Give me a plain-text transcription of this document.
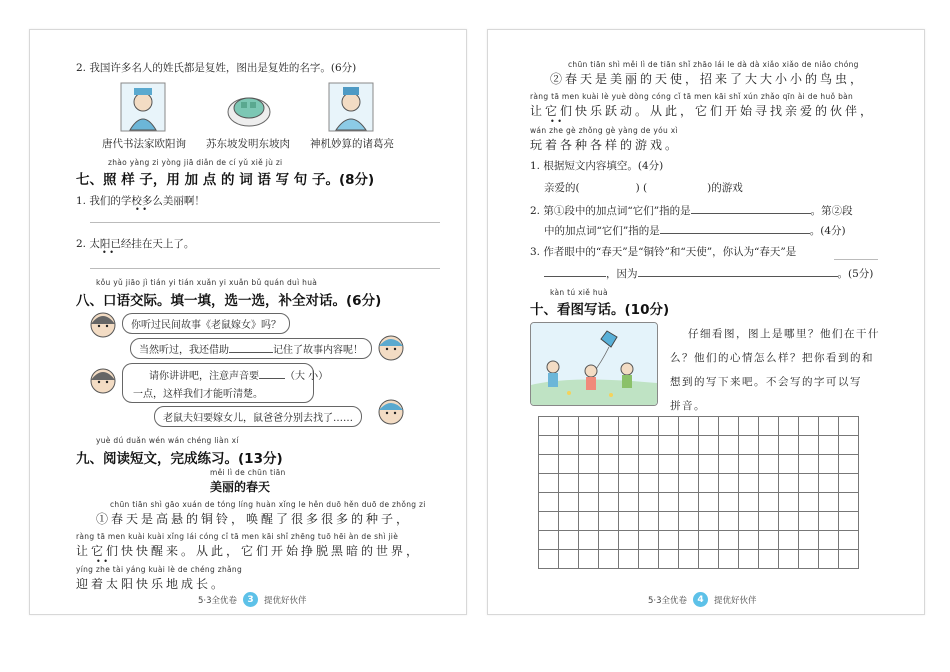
2. 我国许多名人的姓氏都是复姓，图出是复姓的名字。(6分)
唐代书法家欧阳询 苏东坡发明东坡肉 神机妙算的诸葛亮
zhào yàng zi yòng jiā diǎn de cí yǔ xiě jù zi
七、照 样 子，用 加 点 的 词 语 写 句 子。(8分)
1. 我们的学校多么美丽啊！
• •
2. 太阳已经挂在天上了。
• •
kǒu yǔ jiāo jì tián yi tián xuǎn yi xuǎn bǔ quán duì huà
八、口语交际。填一填，选一选，补全对话。(6分)
你听过民间故事《老鼠嫁女》吗？
当然听过，我还借助	记住了故事内容呢！
请你讲讲吧，注意声音要	（大 小）
一点，这样我们才能听清楚。
老鼠夫妇要嫁女儿，鼠爸爸分别去找了……
yuè dú duǎn wén wán chéng liàn xí
九、阅读短文，完成练习。(13分)
měi lì de chūn tiān
美丽的春天
chūn tiān shì gāo xuán de tóng líng huàn xǐng le hěn duō hěn duō de zhǒng zi
①春天是高悬的铜铃，唤醒了很多很多的种子，
ràng tā men kuài kuài xǐng lái cóng cǐ tā men kāi shǐ zhēng tuō hēi àn de shì jiè
让它们快快醒来。从此，它们开始挣脱黑暗的世界，
• •
yíng zhe tài yáng kuài lè de chéng zhǎng
迎着太阳快乐地成长。
5·3全优卷	3	提优好伙伴
chūn tiān shì měi lì de tiān shǐ zhāo lái le dà dà xiǎo xiǎo de niǎo chóng
②春天是美丽的天使，招来了大大小小的鸟虫，
ràng tā men kuài lè yuè dòng cóng cǐ tā men kāi shǐ xún zhǎo qīn ài de huǒ bàn
让它们快乐跃动。从此，它们开始寻找亲爱的伙伴，
• •
wán zhe gè zhǒng gè yàng de yóu xì
玩着各种各样的游戏。
1. 根据短文内容填空。(4分)
亲爱的(	) (	)的游戏
2. 第①段中的加点词“它们”指的是	。第②段
中的加点词“它们”指的是	。(4分)
3. 作者眼中的“春天”是“铜铃”和“天使”，你认为“春天”是
，因为	。(5分)
kàn tú xiě huà
十、看图写话。(10分)
仔细看图，图上是哪里？他们在干什
么？他们的心情怎么样？把你看到的和
想到的写下来吧。不会写的字可以写
拼音。

5·3全优卷	4	提优好伙伴
